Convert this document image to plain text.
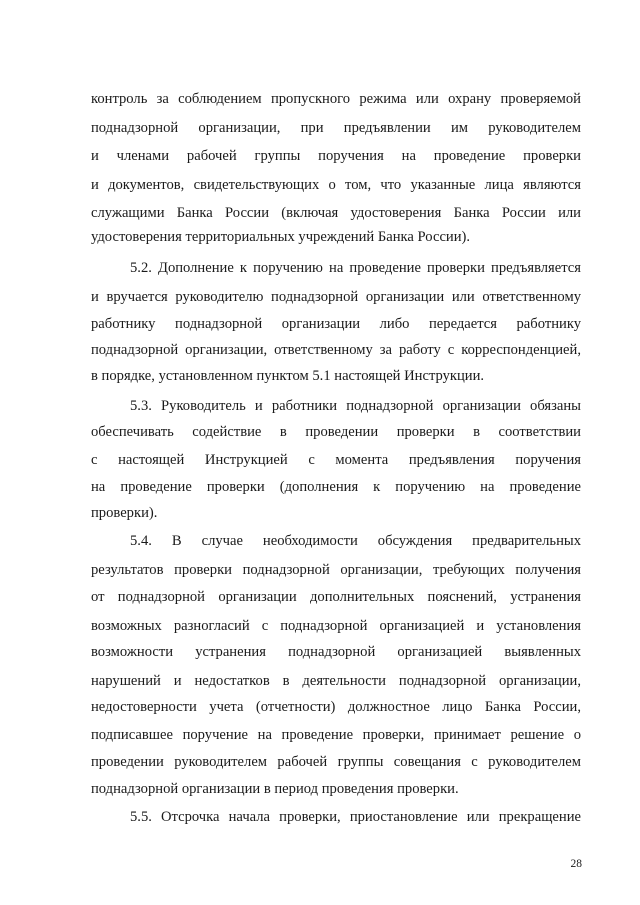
контроль за соблюдением пропускного режима или охрану проверяемой
поднадзорной организации, при предъявлении им руководителем
и членами рабочей группы поручения на проведение проверки
и документов, свидетельствующих о том, что указанные лица являются
служащими Банка России (включая удостоверения Банка России или
удостоверения территориальных учреждений Банка России).
5.2. Дополнение к поручению на проведение проверки предъявляется
и вручается руководителю поднадзорной организации или ответственному
работнику поднадзорной организации либо передается работнику
поднадзорной организации, ответственному за работу с корреспонденцией,
в порядке, установленном пунктом 5.1 настоящей Инструкции.
5.3. Руководитель и работники поднадзорной организации обязаны
обеспечивать содействие в проведении проверки в соответствии
с настоящей Инструкцией с момента предъявления поручения
на проведение проверки (дополнения к поручению на проведение
проверки).
5.4. В случае необходимости обсуждения предварительных
результатов проверки поднадзорной организации, требующих получения
от поднадзорной организации дополнительных пояснений, устранения
возможных разногласий с поднадзорной организацией и установления
возможности устранения поднадзорной организацией выявленных
нарушений и недостатков в деятельности поднадзорной организации,
недостоверности учета (отчетности) должностное лицо Банка России,
подписавшее поручение на проведение проверки, принимает решение о
проведении руководителем рабочей группы совещания с руководителем
поднадзорной организации в период проведения проверки.
5.5. Отсрочка начала проверки, приостановление или прекращение
28
